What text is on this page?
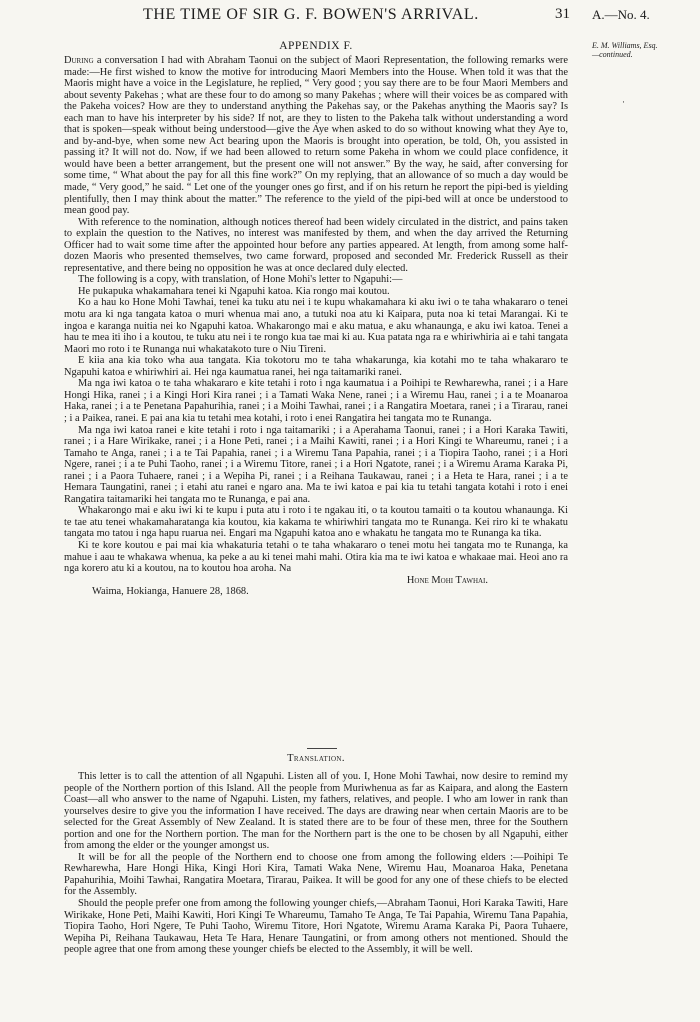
THE TIME OF SIR G. F. BOWEN'S ARRIVAL.	31 A.—No. 4.
E. M. Williams, Esq.
—continued.
·
APPENDIX F.

During a conversation I had with Abraham Taonui on the subject of Maori Representation, the following remarks were made:—He first wished to know the motive for introducing Maori Members into the House. When told it was that the Maoris might have a voice in the Legislature, he replied, “ Very good ; you say there are to be four Maori Members and about seventy Pakehas ; what are these four to do among so many Pakehas ; where will their voices be as compared with the Pakeha voices? How are they to understand anything the Pakehas say, or the Pakehas anything the Maoris say? Is each man to have his interpreter by his side? If not, are they to listen to the Pakeha talk without understanding a word that is spoken—speak without being understood—give the Aye when asked to do so without knowing what they Aye to, and by-and-bye, when some new Act bearing upon the Maoris is brought into operation, be told, Oh, you assisted in passing it? It will not do. Now, if we had been allowed to return some Pakeha in whom we could place confidence, it would have been a better arrangement, but the present one will not answer.” By the way, he said, after conversing for some time, “ What about the pay for all this fine work?” On my replying, that an allowance of so much a day would be made, “ Very good,” he said. “ Let one of the younger ones go first, and if on his return he report the pipi-bed is yielding plentifully, then I may think about the matter.” The reference to the yield of the pipi-bed will at once be understood to mean good pay.

With reference to the nomination, although notices thereof had been widely circulated in the district, and pains taken to explain the question to the Natives, no interest was manifested by them, and when the day arrived the Returning Officer had to wait some time after the appointed hour before any parties appeared. At length, from among some half-dozen Maoris who presented themselves, two came forward, proposed and seconded Mr. Frederick Russell as their representative, and there being no opposition he was at once declared duly elected.

The following is a copy, with translation, of Hone Mohi's letter to Ngapuhi:—

He pukapuka whakamahara tenei ki Ngapuhi katoa. Kia rongo mai koutou.

Ko a hau ko Hone Mohi Tawhai, tenei ka tuku atu nei i te kupu whakamahara ki aku iwi o te taha whakararo o tenei motu ara ki nga tangata katoa o muri whenua mai ano, a tutuki noa atu ki Kaipara, puta noa ki tetai Marangai. Ki te ingoa e karanga nuitia nei ko Ngapuhi katoa. Whakarongo mai e aku matua, e aku whanaunga, e aku iwi katoa. Tenei a hau te mea iti iho i a koutou, te tuku atu nei i te rongo kua tae mai ki au. Kua patata nga ra e whiriwhiria ai e tahi tangata Maori mo roto i te Runanga nui whakatakoto ture o Niu Tireni.

E kiia ana kia toko wha aua tangata. Kia tokotoru mo te taha whakarunga, kia kotahi mo te taha whakararo te Ngapuhi katoa e whiriwhiri ai. Hei nga kaumatua ranei, hei nga taitamariki ranei.

Ma nga iwi katoa o te taha whakararo e kite tetahi i roto i nga kaumatua i a Poihipi te Rewharewha, ranei ; i a Hare Hongi Hika, ranei ; i a Kingi Hori Kira ranei ; i a Tamati Waka Nene, ranei ; i a Wiremu Hau, ranei ; i a te Moanaroa Haka, ranei ; i a te Penetana Papahurihia, ranei ; i a Moihi Tawhai, ranei ; i a Rangatira Moetara, ranei ; i a Tirarau, ranei ; i a Paikea, ranei. E pai ana kia tu tetahi mea kotahi, i roto i enei Rangatira hei tangata mo te Runanga.

Ma nga iwi katoa ranei e kite tetahi i roto i nga taitamariki ; i a Aperahama Taonui, ranei ; i a Hori Karaka Tawiti, ranei ; i a Hare Wirikake, ranei ; i a Hone Peti, ranei ; i a Maihi Kawiti, ranei ; i a Hori Kingi te Whareumu, ranei ; i a Tamaho te Anga, ranei ; i a te Tai Papahia, ranei ; i a Wiremu Tana Papahia, ranei ; i a Tiopira Taoho, ranei ; i a Hori Ngere, ranei ; i a te Puhi Taoho, ranei ; i a Wiremu Titore, ranei ; i a Hori Ngatote, ranei ; i a Wiremu Arama Karaka Pi, ranei ; i a Paora Tuhaere, ranei ; i a Wepiha Pi, ranei ; i a Reihana Taukawau, ranei ; i a Heta te Hara, ranei ; i a te Hemara Taungatini, ranei ; i etahi atu ranei e ngaro ana. Ma te iwi katoa e pai kia tu tetahi tangata kotahi i roto i enei Rangatira taitamariki hei tangata mo te Runanga, e pai ana.

Whakarongo mai e aku iwi ki te kupu i puta atu i roto i te ngakau iti, o ta koutou tamaiti o ta koutou whanaunga. Ki te tae atu tenei whakamaharatanga kia koutou, kia kakama te whiriwhiri tangata mo te Runanga. Kei riro ki te whakatu tangata mo tatou i nga hapu ruarua nei. Engari ma Ngapuhi katoa ano e whakatu he tangata mo te Runanga ka tika.

Ki te kore koutou e pai mai kia whakaturia tetahi o te taha whakararo o tenei motu hei tangata mo te Runanga, ka mahue i aau te whakawa whenua, ka peke a au ki tenei mahi mahi. Otira kia ma te iwi katoa e whakaae mai. Heoi ano ra nga korero atu ki a koutou, na to koutou hoa aroha. Na

Hone Mohi Tawhai.

Waima, Hokianga, Hanuere 28, 1868.

Translation.

This letter is to call the attention of all Ngapuhi. Listen all of you. I, Hone Mohi Tawhai, now desire to remind my people of the Northern portion of this Island. All the people from Muriwhenua as far as Kaipara, and along the Eastern Coast—all who answer to the name of Ngapuhi. Listen, my fathers, relatives, and people. I who am lower in rank than yourselves desire to give you the information I have received. The days are drawing near when certain Maoris are to be selected for the Great Assembly of New Zealand. It is stated there are to be four of these men, three for the Southern portion and one for the Northern portion. The man for the Northern part is the one to be chosen by all Ngapuhi, either from among the elder or the younger amongst us.

It will be for all the people of the Northern end to choose one from among the following elders :—Poihipi Te Rewharewha, Hare Hongi Hika, Kingi Hori Kira, Tamati Waka Nene, Wiremu Hau, Moanaroa Haka, Penetana Papahurihia, Moihi Tawhai, Rangatira Moetara, Tirarau, Paikea. It will be good for any one of these chiefs to be elected for the Assembly.

Should the people prefer one from among the following younger chiefs,—Abraham Taonui, Hori Karaka Tawiti, Hare Wirikake, Hone Peti, Maihi Kawiti, Hori Kingi Te Whareumu, Tamaho Te Anga, Te Tai Papahia, Wiremu Tana Papahia, Tiopira Taoho, Hori Ngere, Te Puhi Taoho, Wiremu Titore, Hori Ngatote, Wiremu Arama Karaka Pi, Paora Tuhaere, Wepiha Pi, Reihana Taukawau, Heta Te Hara, Henare Taungatini, or from among others not mentioned. Should the people agree that one from among these younger chiefs be elected to the Assembly, it will be well.
